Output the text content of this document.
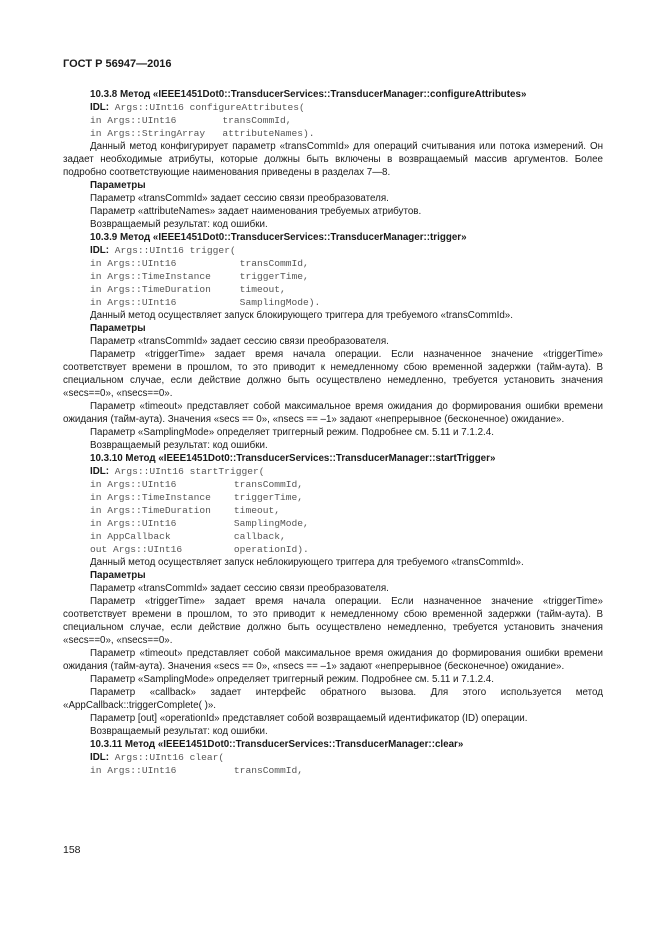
ГОСТ Р 56947—2016

10.3.8 Метод «IEEE1451Dot0::TransducerServices::TransducerManager::configureAttributes»

IDL: Args::UInt16 configureAttributes(

in Args::UInt16        transCommId,

in Args::StringArray   attributeNames).

Данный метод конфигурирует параметр «transCommId» для операций считывания или потока измерений. Он задает необходимые атрибуты, которые должны быть включены в возвращаемый массив аргументов. Более подробно соответствующие наименования приведены в разделах 7—8.

Параметры

Параметр «transCommId» задает сессию связи преобразователя.

Параметр «attributeNames» задает наименования требуемых атрибутов.

Возвращаемый результат: код ошибки.

10.3.9 Метод «IEEE1451Dot0::TransducerServices::TransducerManager::trigger»

IDL: Args::UInt16 trigger(

in Args::UInt16           transCommId,

in Args::TimeInstance     triggerTime,

in Args::TimeDuration     timeout,

in Args::UInt16           SamplingMode).

Данный метод осуществляет запуск блокирующего триггера для требуемого «transCommId».

Параметры

Параметр «transCommId» задает сессию связи преобразователя.

Параметр «triggerTime» задает время начала операции. Если назначенное значение «triggerTime» соответствует времени в прошлом, то это приводит к немедленному сбою временной задержки (тайм-аута). В специальном случае, если действие должно быть осуществлено немедленно, требуется установить значения «secs==0», «nsecs==0».

Параметр «timeout» представляет собой максимальное время ожидания до формирования ошибки времени ожидания (тайм-аута). Значения «secs == 0», «nsecs == –1» задают «непрерывное (бесконечное) ожидание».

Параметр «SamplingMode» определяет триггерный режим. Подробнее см. 5.11 и 7.1.2.4.

Возвращаемый результат: код ошибки.

10.3.10 Метод «IEEE1451Dot0::TransducerServices::TransducerManager::startTrigger»

IDL: Args::UInt16 startTrigger(

in Args::UInt16          transCommId,

in Args::TimeInstance    triggerTime,

in Args::TimeDuration    timeout,

in Args::UInt16          SamplingMode,

in AppCallback           callback,

out Args::UInt16         operationId).

Данный метод осуществляет запуск неблокирующего триггера для требуемого «transCommId».

Параметры

Параметр «transCommId» задает сессию связи преобразователя.

Параметр «triggerTime» задает время начала операции. Если назначенное значение «triggerTime» соответствует времени в прошлом, то это приводит к немедленному сбою временной задержки (тайм-аута). В специальном случае, если действие должно быть осуществлено немедленно, требуется установить значения «secs==0», «nsecs==0».

Параметр «timeout» представляет собой максимальное время ожидания до формирования ошибки времени ожидания (тайм-аута). Значения «secs == 0», «nsecs == –1» задают «непрерывное (бесконечное) ожидание».

Параметр «SamplingMode» определяет триггерный режим. Подробнее см. 5.11 и 7.1.2.4.

Параметр «callback» задает интерфейс обратного вызова. Для этого используется метод «AppCallback::triggerComplete( )».

Параметр [out] «operationId» представляет собой возвращаемый идентификатор (ID) операции.

Возвращаемый результат: код ошибки.

10.3.11 Метод «IEEE1451Dot0::TransducerServices::TransducerManager::clear»

IDL: Args::UInt16 clear(

in Args::UInt16          transCommId,

158
